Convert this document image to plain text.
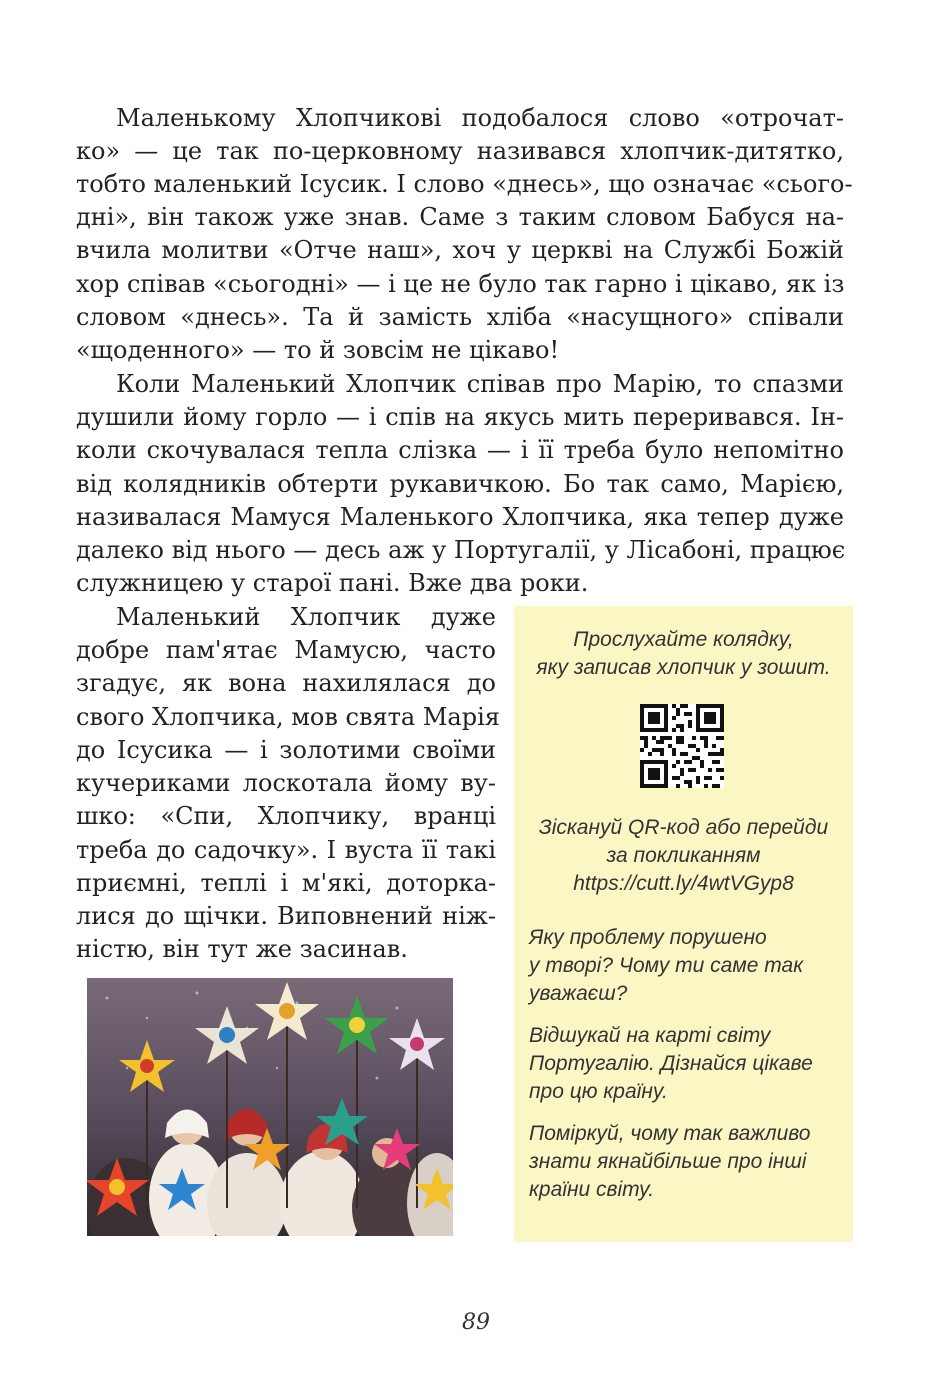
Маленькому Хлопчикові подобалося слово «отрочат-
ко» — це так по-церковному називався хлопчик-дитятко,
тобто маленький Ісусик. І слово «днесь», що означає «сього-
дні», він також уже знав. Саме з таким словом Бабуся на-
вчила молитви «Отче наш», хоч у церкві на Службі Божій
хор співав «сьогодні» — і це не було так гарно і цікаво, як із
словом «днесь». Та й замість хліба «насущного» співали
«щоденного» — то й зовсім не цікаво!
Коли Маленький Хлопчик співав про Марію, то спазми
душили йому горло — і спів на якусь мить переривався. Ін-
коли скочувалася тепла слізка — і її треба було непомітно
від колядників обтерти рукавичкою. Бо так само, Марією,
називалася Мамуся Маленького Хлопчика, яка тепер дуже
далеко від нього — десь аж у Португалії, у Лісабоні, працює
служницею у старої пані. Вже два роки.
Маленький Хлопчик дуже
добре пам'ятає Мамусю, часто
згадує, як вона нахилялася до
свого Хлопчика, мов свята Марія
до Ісусика — і золотими своїми
кучериками лоскотала йому ву-
шко: «Спи, Хлопчику, вранці
треба до садочку». І вуста її такі
приємні, теплі і м'які, доторка-
лися до щічки. Виповнений ніж-
ністю, він тут же засинав.
Прослухайте колядку,
яку записав хлопчик у зошит.
Зісканyй QR-код або перейди
за покликанням
https://cutt.ly/4wtVGyp8
Яку проблему порушено
у творі? Чому ти саме так
уважаєш?
Відшукай на карті світу
Португалію. Дізнайся цікаве
про цю країну.
Поміркуй, чому так важливо
знати якнайбільше про інші
країни світу.
89
